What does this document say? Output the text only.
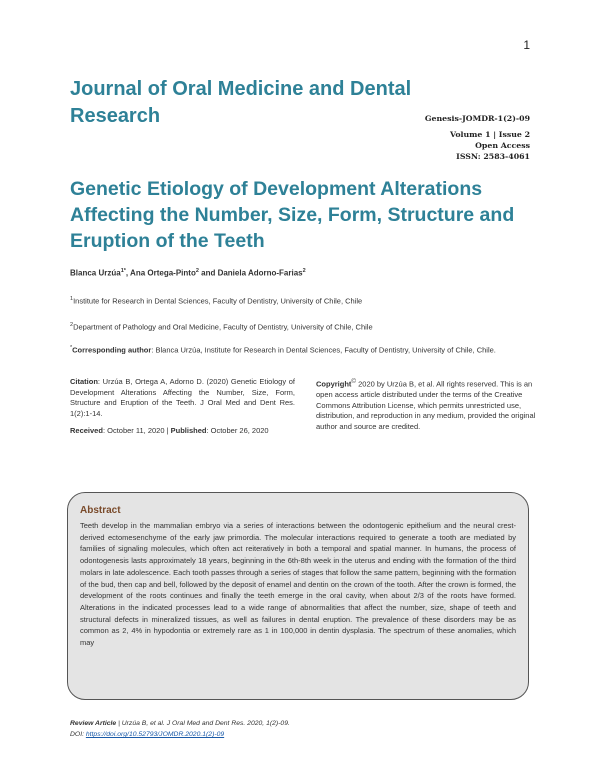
1
Journal of Oral Medicine and Dental Research	Genesis-JOMDR-1(2)-09
Volume 1 | Issue 2
Open Access
ISSN: 2583-4061
Genetic Etiology of Development Alterations Affecting the Number, Size, Form, Structure and Eruption of the Teeth
Blanca Urzúa$^{1*}$, Ana Ortega-Pinto$^2$ and Daniela Adorno-Farias$^2$
$^1$Institute for Research in Dental Sciences, Faculty of Dentistry, University of Chile, Chile
$^2$Department of Pathology and Oral Medicine, Faculty of Dentistry, University of Chile, Chile
*Corresponding author: Blanca Urzúa, Institute for Research in Dental Sciences, Faculty of Dentistry, University of Chile, Chile.
Citation: Urzúa B, Ortega A, Adorno D. (2020) Genetic Etiology of Development Alterations Affecting the Number, Size, Form, Structure and Eruption of the Teeth. J Oral Med and Dent Res. 1(2):1-14.
Received: October 11, 2020 | Published: October 26, 2020
Copyright© 2020 by Urzúa B, et al. All rights reserved. This is an open access article distributed under the terms of the Creative Commons Attribution License, which permits unrestricted use, distribution, and reproduction in any medium, provided the original author and source are credited.
Abstract
Teeth develop in the mammalian embryo via a series of interactions between the odontogenic epithelium and the neural crest-derived ectomesenchyme of the early jaw primordia. The molecular interactions required to generate a tooth are mediated by families of signaling molecules, which often act reiteratively in both a temporal and spatial manner. In humans, the process of odontogenesis lasts approximately 18 years, beginning in the 6th-8th week in the uterus and ending with the formation of the third molars in late adolescence. Each tooth passes through a series of stages that follow the same pattern, beginning with the formation of the bud, then cap and bell, followed by the deposit of enamel and dentin on the crown of the tooth. After the crown is formed, the development of the roots continues and finally the teeth emerge in the oral cavity, when about 2/3 of the roots have formed. Alterations in the indicated processes lead to a wide range of abnormalities that affect the number, size, shape of teeth and structural defects in mineralized tissues, as well as failures in dental eruption. The prevalence of these disorders may be as common as 2, 4% in hypodontia or extremely rare as 1 in 100,000 in dentin dysplasia. The spectrum of these anomalies, which may
Review Article | Urzúa B, et al. J Oral Med and Dent Res. 2020, 1(2)-09.
DOI: https://doi.org/10.52793/JOMDR.2020.1(2)-09
